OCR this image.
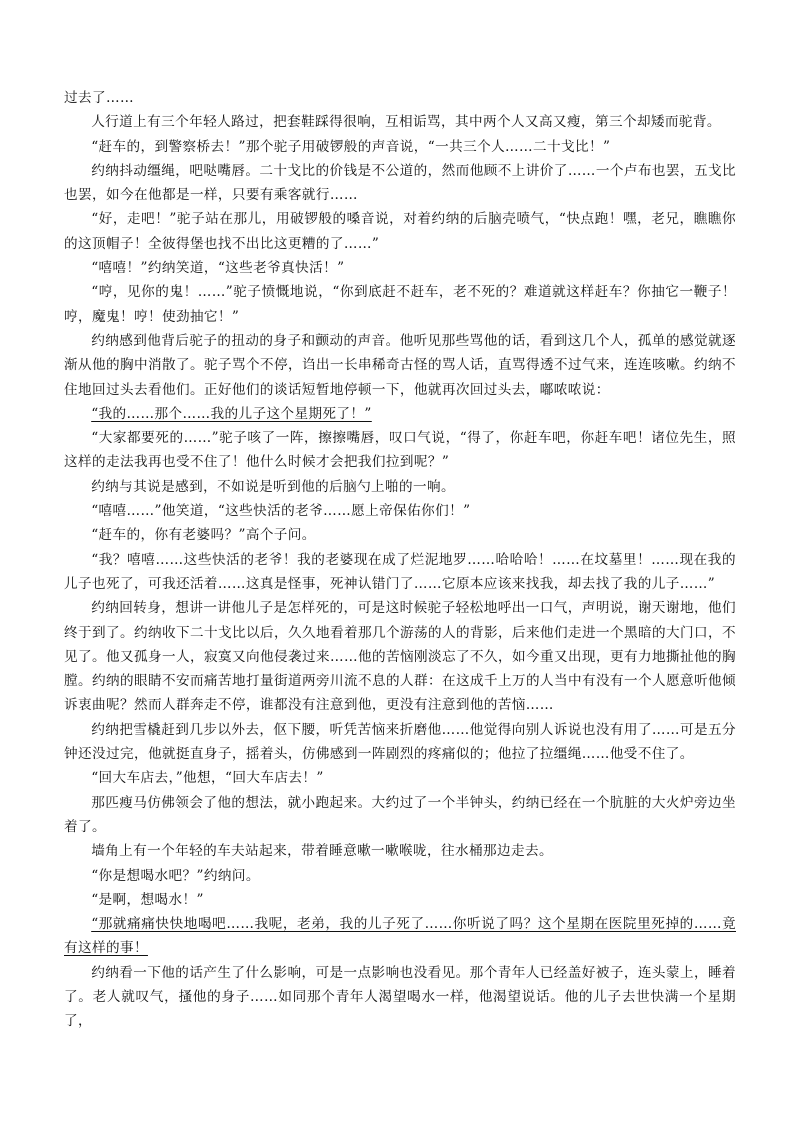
过去了……

人行道上有三个年轻人路过，把套鞋踩得很响，互相诟骂，其中两个人又高又瘦，第三个却矮而驼背。

“赶车的，到警察桥去！”那个驼子用破锣般的声音说，“一共三个人……二十戈比！”

约纳抖动缰绳，吧哒嘴唇。二十戈比的价钱是不公道的，然而他顾不上讲价了……一个卢布也罢，五戈比也罢，如今在他都是一样，只要有乘客就行……

“好，走吧！”驼子站在那儿，用破锣般的嗓音说，对着约纳的后脑壳喷气，“快点跑！嘿，老兄，瞧瞧你的这顶帽子！全彼得堡也找不出比这更糟的了……”

“嘻嘻！”约纳笑道，“这些老爷真快活！”

“哼，见你的鬼！……”驼子愤慨地说，“你到底赶不赶车，老不死的？难道就这样赶车？你抽它一鞭子！哼，魔鬼！哼！使劲抽它！”

约纳感到他背后驼子的扭动的身子和颤动的声音。他听见那些骂他的话，看到这几个人，孤单的感觉就逐渐从他的胸中消散了。驼子骂个不停，诌出一长串稀奇古怪的骂人话，直骂得透不过气来，连连咳嗽。约纳不住地回过头去看他们。正好他们的谈话短暂地停顿一下，他就再次回过头去，嘟哝哝说：

“我的……那个……我的儿子这个星期死了！”

“大家都要死的……”驼子咳了一阵，擦擦嘴唇，叹口气说，“得了，你赶车吧，你赶车吧！诸位先生，照这样的走法我再也受不住了！他什么时候才会把我们拉到呢？”

约纳与其说是感到，不如说是听到他的后脑勺上啪的一响。

“嘻嘻……”他笑道，“这些快活的老爷……愿上帝保佑你们！”

“赶车的，你有老婆吗？”高个子问。

“我？嘻嘻……这些快活的老爷！我的老婆现在成了烂泥地罗……哈哈哈！……在坟墓里！……现在我的儿子也死了，可我还活着……这真是怪事，死神认错门了……它原本应该来找我，却去找了我的儿子……”

约纳回转身，想讲一讲他儿子是怎样死的，可是这时候驼子轻松地呼出一口气，声明说，谢天谢地，他们终于到了。约纳收下二十戈比以后，久久地看着那几个游荡的人的背影，后来他们走进一个黑暗的大门口，不见了。他又孤身一人，寂寞又向他侵袭过来……他的苦恼刚淡忘了不久，如今重又出现，更有力地撕扯他的胸膛。约纳的眼睛不安而痛苦地打量街道两旁川流不息的人群：在这成千上万的人当中有没有一个人愿意听他倾诉衷曲呢？然而人群奔走不停，谁都没有注意到他，更没有注意到他的苦恼……

约纳把雪橇赶到几步以外去，伛下腰，听凭苦恼来折磨他……他觉得向别人诉说也没有用了……可是五分钟还没过完，他就挺直身子，摇着头，仿佛感到一阵剧烈的疼痛似的；他拉了拉缰绳……他受不住了。

“回大车店去，”他想，“回大车店去！”

那匹瘦马仿佛领会了他的想法，就小跑起来。大约过了一个半钟头，约纳已经在一个肮脏的大火炉旁边坐着了。

墙角上有一个年轻的车夫站起来，带着睡意嗽一嗽喉咙，往水桶那边走去。

“你是想喝水吧？”约纳问。

“是啊，想喝水！”

“那就痛痛快快地喝吧……我呢，老弟，我的儿子死了……你听说了吗？这个星期在医院里死掉的……竟有这样的事！

约纳看一下他的话产生了什么影响，可是一点影响也没看见。那个青年人已经盖好被子，连头蒙上，睡着了。老人就叹气，搔他的身子……如同那个青年人渴望喝水一样，他渴望说话。他的儿子去世快满一个星期了，
